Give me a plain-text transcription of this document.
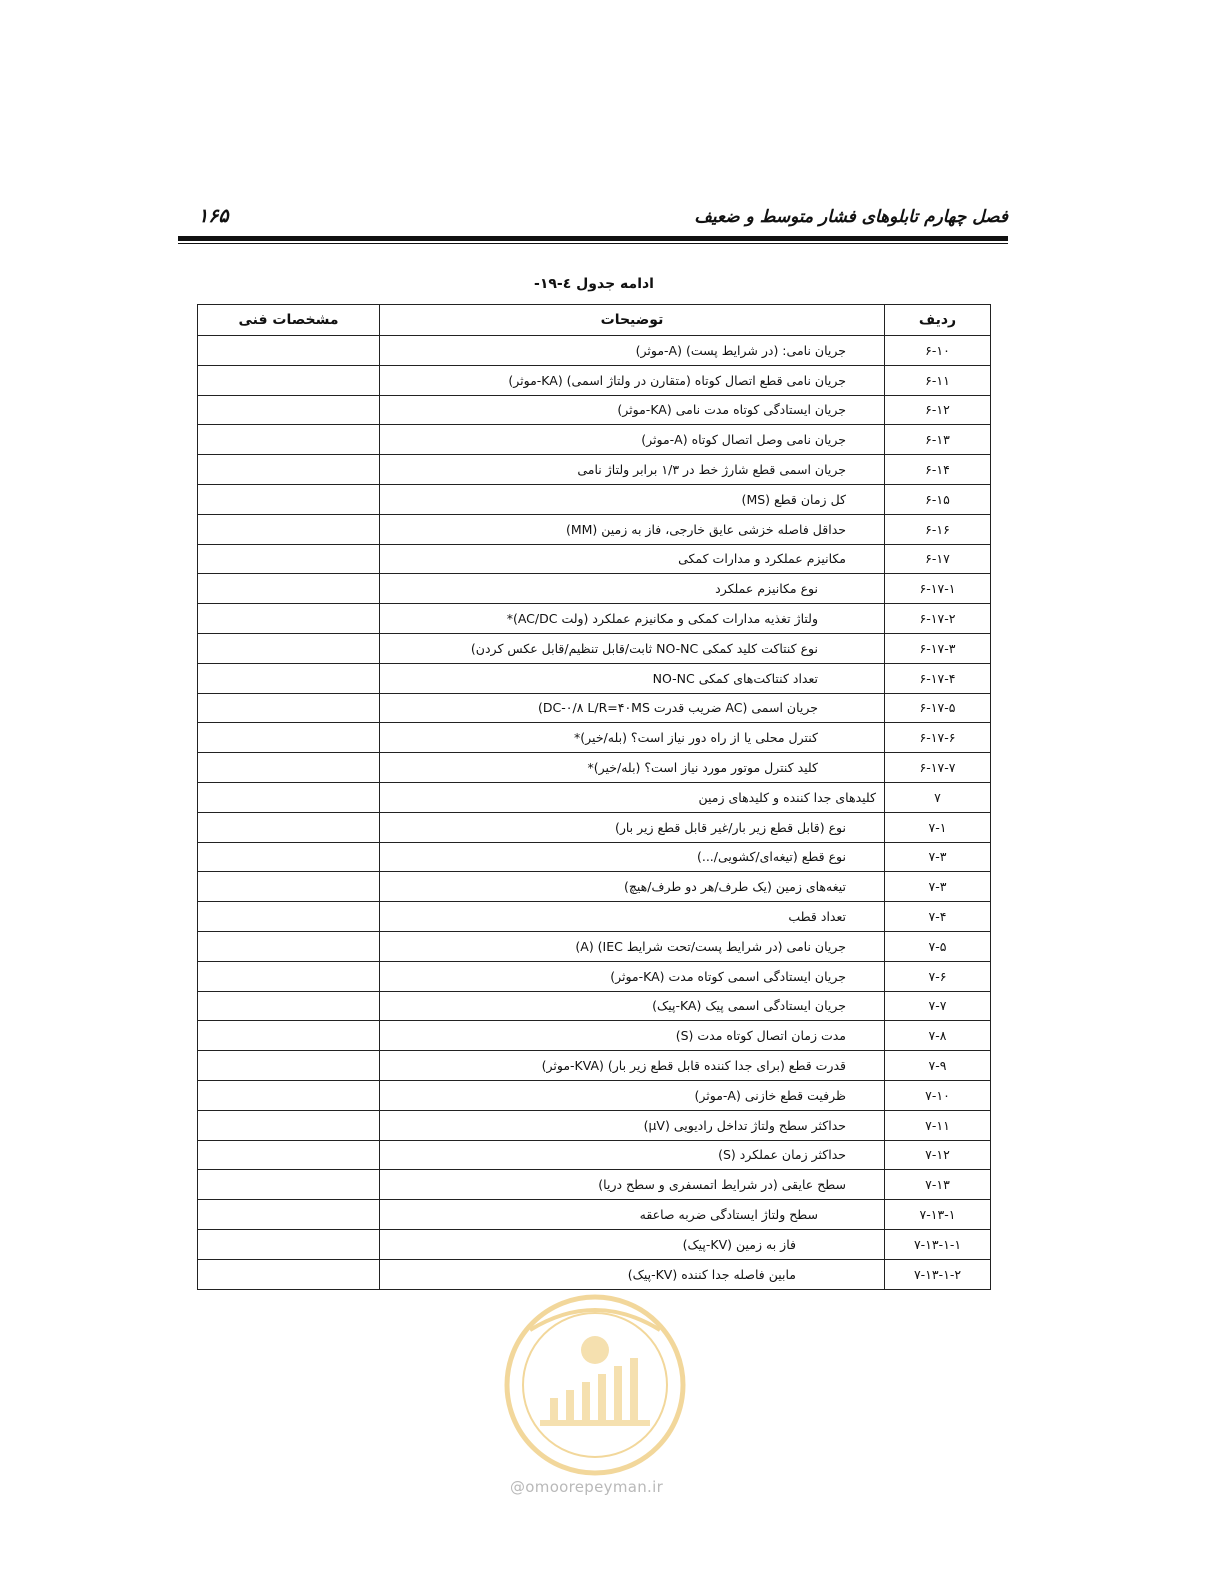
فصل چهارم تابلوهای فشار متوسط و ضعیف
۱۶۵
ادامه جدول ٤-١٩-
ردیف	توضیحات	مشخصات فنی
۶-۱۰	جریان نامی: (در شرایط پست) (A-موثر)	
۶-۱۱	جریان نامی قطع اتصال کوتاه (متقارن در ولتاژ اسمی) (KA-موثر)	
۶-۱۲	جریان ایستادگی کوتاه مدت نامی (KA-موثر)	
۶-۱۳	جریان نامی وصل اتصال کوتاه (A-موثر)	
۶-۱۴	جریان اسمی قطع شارژ خط در ۱/۳ برابر ولتاژ نامی	
۶-۱۵	کل زمان قطع (MS)	
۶-۱۶	حداقل فاصله خزشی عایق خارجی، فاز به زمین (MM)	
۶-۱۷	مکانیزم عملکرد و مدارات کمکی	
۶-۱۷-۱	نوع مکانیزم عملکرد	
۶-۱۷-۲	ولتاژ تغذیه مدارات کمکی و مکانیزم عملکرد (ولت AC/DC)*	
۶-۱۷-۳	نوع کنتاکت کلید کمکی NO-NC ثابت/قابل تنظیم/قابل عکس کردن)	
۶-۱۷-۴	تعداد کنتاکت‌های کمکی NO-NC	
۶-۱۷-۵	جریان اسمی (AC ضریب قدرت DC-۰/۸ L/R=۴۰MS)	
۶-۱۷-۶	کنترل محلی یا از راه دور نیاز است؟ (بله/خیر)*	
۶-۱۷-۷	کلید کنترل موتور مورد نیاز است؟ (بله/خیر)*	
۷	کلیدهای جدا کننده و کلیدهای زمین	
۷-۱	نوع (قابل قطع زیر بار/غیر قابل قطع زیر بار)	
۷-۳	نوع قطع (تیغه‌ای/کشویی/...)	
۷-۳	تیغه‌های زمین (یک طرف/هر دو طرف/هیچ)	
۷-۴	تعداد قطب	
۷-۵	جریان نامی (در شرایط پست/تحت شرایط IEC) (A)	
۷-۶	جریان ایستادگی اسمی کوتاه مدت (KA-موثر)	
۷-۷	جریان ایستادگی اسمی پیک (KA-پیک)	
۷-۸	مدت زمان اتصال کوتاه مدت (S)	
۷-۹	قدرت قطع (برای جدا کننده قابل قطع زیر بار) (KVA-موثر)	
۷-۱۰	ظرفیت قطع خازنی (A-موثر)	
۷-۱۱	حداکثر سطح ولتاژ تداخل رادیویی (μV)	
۷-۱۲	حداکثر زمان عملکرد (S)	
۷-۱۳	سطح عایقی (در شرایط اتمسفری و سطح دریا)	
۷-۱۳-۱	سطح ولتاژ ایستادگی ضربه صاعقه	
۷-۱۳-۱-۱	فاز به زمین (KV-پیک)	
۷-۱۳-۱-۲	مابین فاصله جدا کننده (KV-پیک)	
@omoorepeyman.ir
